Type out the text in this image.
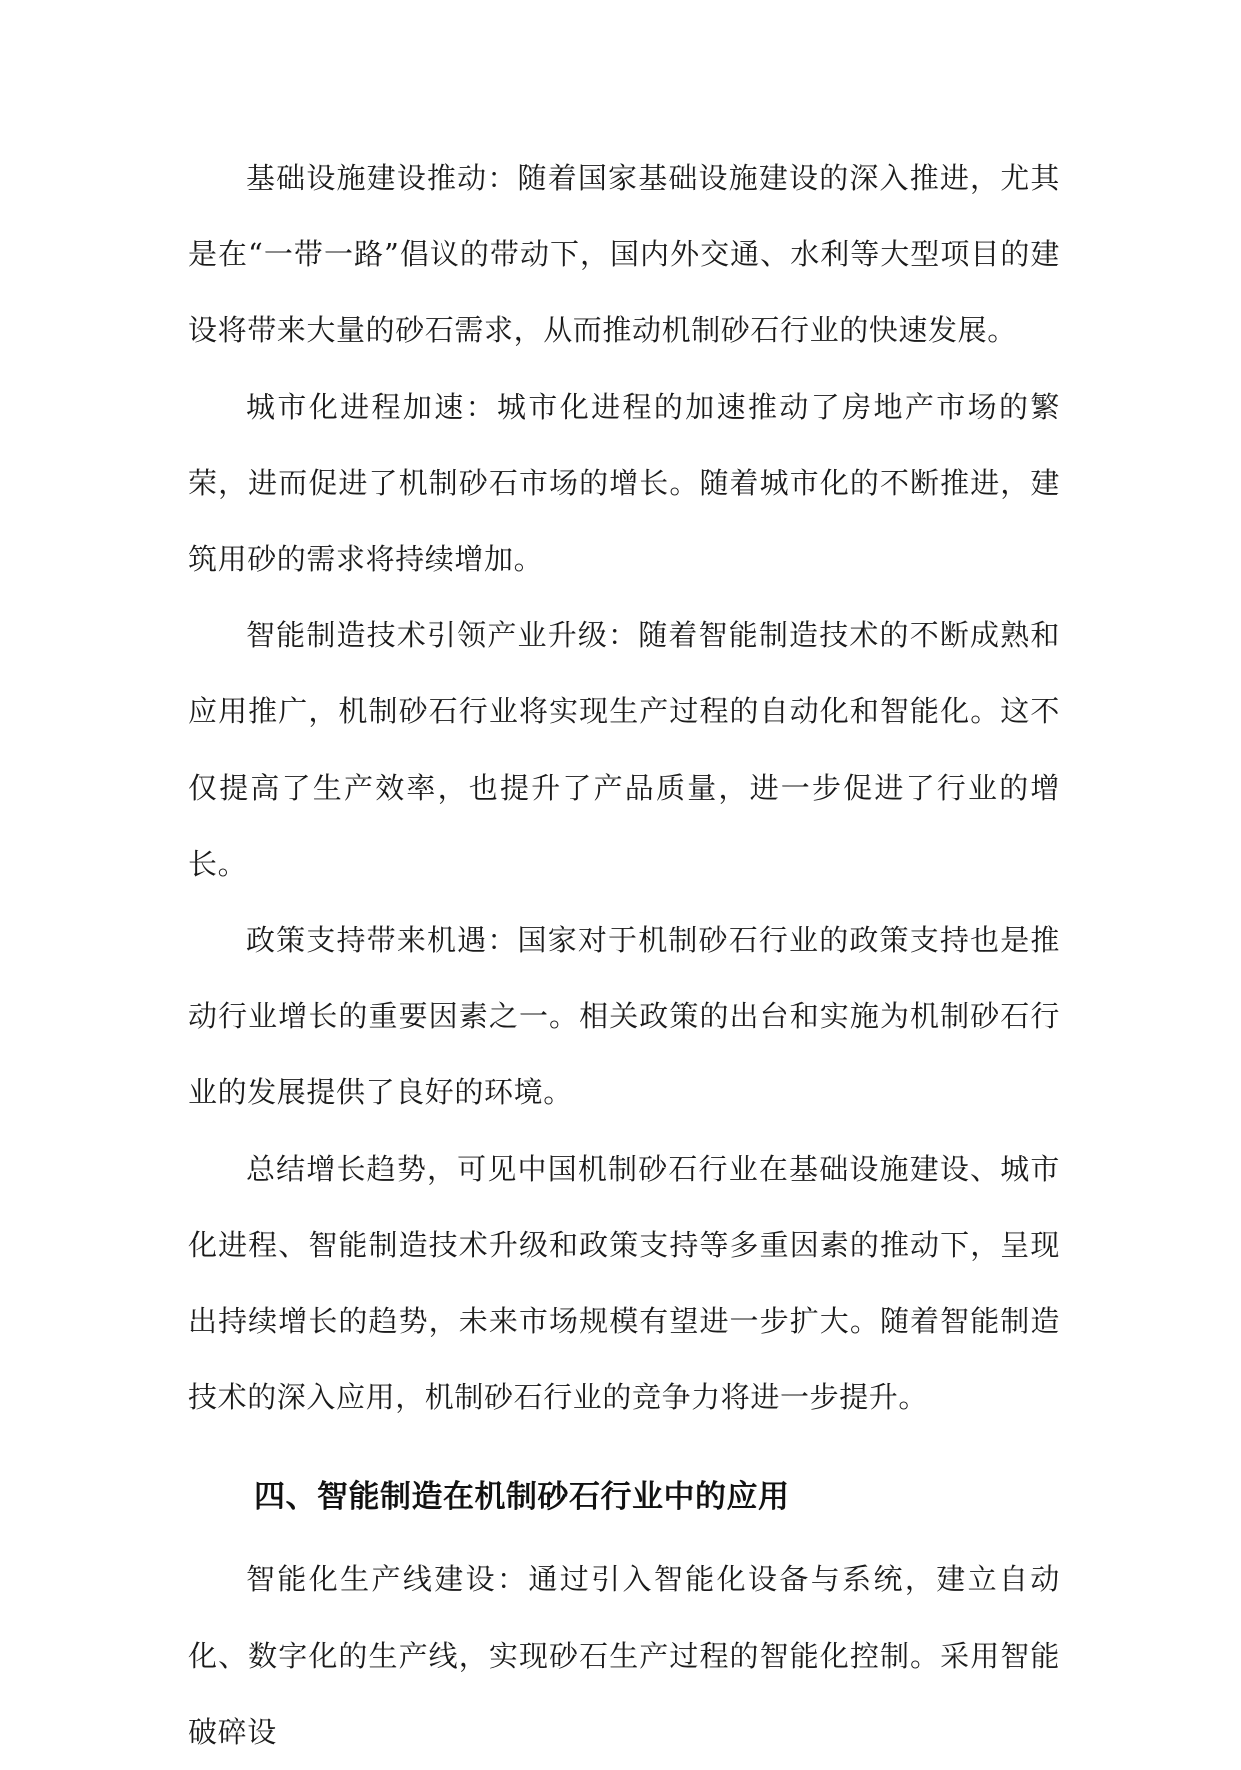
基础设施建设推动：随着国家基础设施建设的深入推进，尤其是在“一带一路”倡议的带动下，国内外交通、水利等大型项目的建设将带来大量的砂石需求，从而推动机制砂石行业的快速发展。

城市化进程加速：城市化进程的加速推动了房地产市场的繁荣，进而促进了机制砂石市场的增长。随着城市化的不断推进，建筑用砂的需求将持续增加。

智能制造技术引领产业升级：随着智能制造技术的不断成熟和应用推广，机制砂石行业将实现生产过程的自动化和智能化。这不仅提高了生产效率，也提升了产品质量，进一步促进了行业的增长。

政策支持带来机遇：国家对于机制砂石行业的政策支持也是推动行业增长的重要因素之一。相关政策的出台和实施为机制砂石行业的发展提供了良好的环境。

总结增长趋势，可见中国机制砂石行业在基础设施建设、城市化进程、智能制造技术升级和政策支持等多重因素的推动下，呈现出持续增长的趋势，未来市场规模有望进一步扩大。随着智能制造技术的深入应用，机制砂石行业的竞争力将进一步提升。

四、智能制造在机制砂石行业中的应用

智能化生产线建设：通过引入智能化设备与系统，建立自动化、数字化的生产线，实现砂石生产过程的智能化控制。采用智能破碎设
